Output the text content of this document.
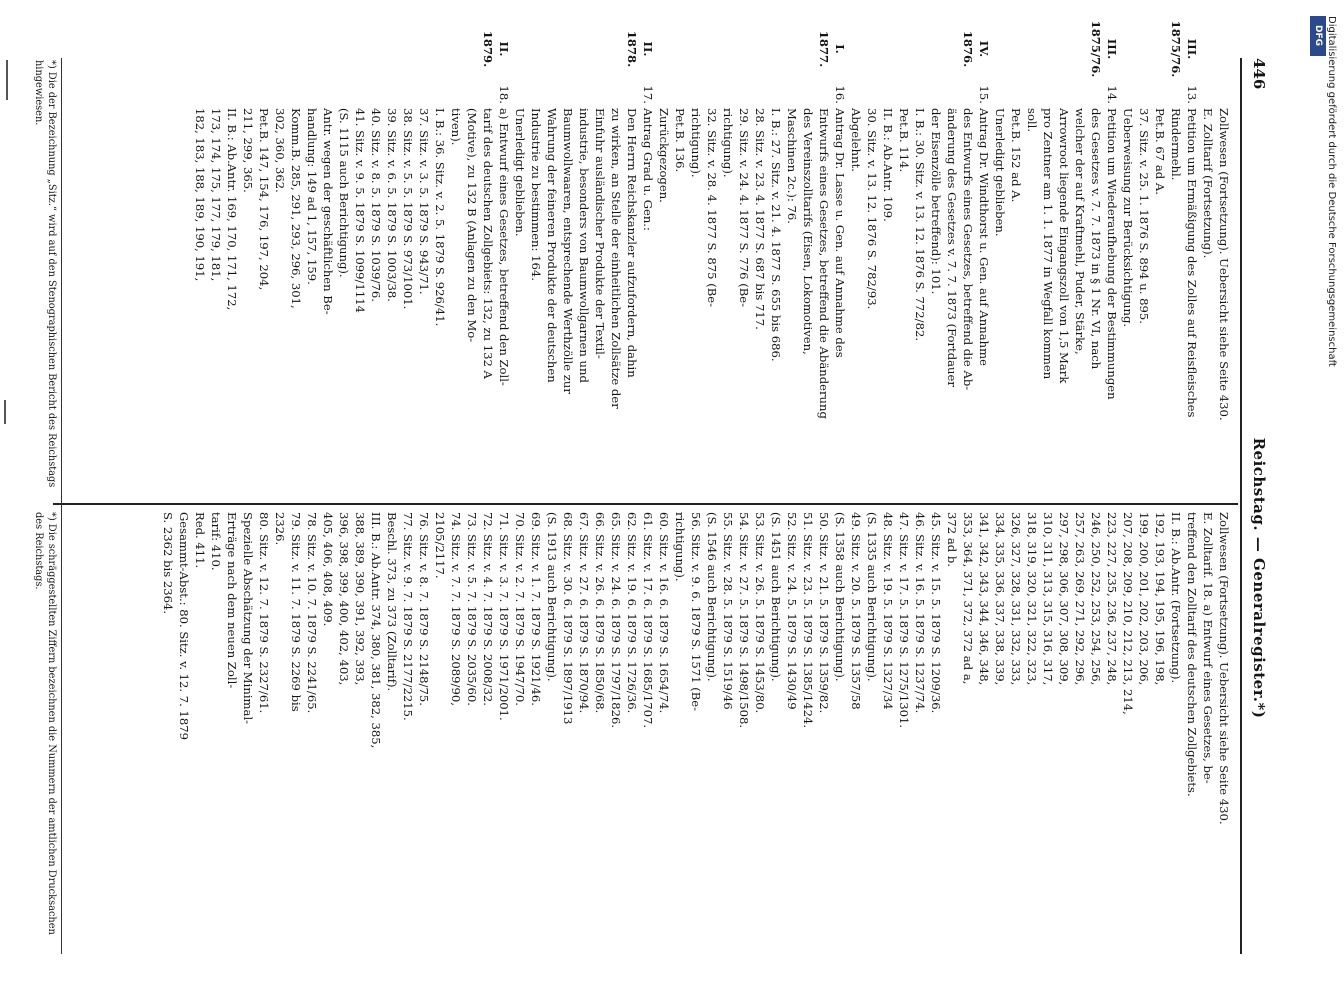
446
Reichstag. — Generalregister.*)
Zollwesen (Fortsetzung). Uebersicht siehe Seite 430.
E. Zolltarif (Fortsetzung).
III.
13.
Petition um Ermäßigung des Zolles auf Reisfleisches
1875/76.
Rindermehl.
Pet.B. 67 ad A.
37. Sitz. v. 25. 1. 1876 S. 894 u. 895.
Ueberweisung zur Berücksichtigung.
III.
14.
Petition um Wiederaufhebung der Bestimmungen
1875/76.
des Gesetzes v. 7. 7. 1873 in § 1 Nr. VI, nach
welcher der auf Kraftmehl, Puder, Stärke,
Arrowroot liegende Eingangszoll von 1,5 Mark
pro Zentner am 1. 1. 1877 in Wegfall kommen
soll.
Pet.B. 152 ad A.
Unerledigt geblieben.
IV.
15.
Antrag Dr. Windthorst u. Gen. auf Annahme
1876.
des Entwurfs eines Gesetzes, betreffend die Ab-
änderung des Gesetzes v. 7. 7. 1873 (Fortdauer
der Eisenzölle betreffend): 101.
I. B.: 30. Sitz. v. 13. 12. 1876 S. 772/82.
Pet.B. 114.
II. B.: Ab.Antr. 109.
30. Sitz. v. 13. 12. 1876 S. 782/93.
Abgelehnt.
I.
16.
Antrag Dr. Lasse u. Gen. auf Annahme des
1877.
Entwurfs eines Gesetzes, betreffend die Abänderung
des Vereinszolltarifs (Eisen, Lokomotiven,
Maschinen 2c.): 76.
I. B.: 27. Sitz. v. 21. 4. 1877 S. 655 bis 686.
28. Sitz. v. 23. 4. 1877 S. 687 bis 717.
29. Sitz. v. 24. 4. 1877 S. 776 (Be-
richtigung).
32. Sitz. v. 28. 4. 1877 S. 875 (Be-
richtigung).
Pet.B. 136.
Zurückgezogen.
II.
17.
Antrag Grad u. Gen.:
1878.
Den Herrn Reichskanzler aufzufordern, dahin
zu wirken, an Stelle der einheitlichen Zollsätze der
Einfuhr ausländischer Produkte der Textil-
industrie, besonders von Baumwollgarnen und
Baumwollwaaren, entsprechende Werthzölle zur
Wahrung der feineren Produkte der deutschen
Industrie zu bestimmen: 164.
Unerledigt geblieben.
II.
18.
a) Entwurf eines Gesetzes, betreffend den Zoll-
1879.
tarif des deutschen Zollgebiets: 132, zu 132 A
(Motive), zu 132 B (Anlagen zu den Mo-
tiven).
I. B.: 36. Sitz. v. 2. 5. 1879 S. 926/41.
37. Sitz. v. 3. 5. 1879 S. 943/71.
38. Sitz. v. 5. 5. 1879 S. 973/1001.
39. Sitz. v. 6. 5. 1879 S. 1003/38.
40. Sitz. v. 8. 5. 1879 S. 1039/76.
41. Sitz. v. 9. 5. 1879 S. 1099/1114
(S. 1115 auch Berichtigung).
Antr. wegen der geschäftlichen Be-
handlung: 149 ad 1, 157, 159.
Komm.B. 285, 291, 293, 296, 301,
302, 360, 362.
Pet.B. 147, 154, 176, 197, 204,
211, 299, 365.
II. B.: Ab.Antr. 169, 170, 171, 172,
173, 174, 175, 177, 179, 181,
182, 183, 188, 189, 190, 191,
Zollwesen (Fortsetzung). Uebersicht siehe Seite 430.
E. Zolltarif. 18. a) Entwurf eines Gesetzes, be-
treffend den Zolltarif des deutschen Zollgebiets.
II. B.: Ab.Antr. (Fortsetzung).
192, 193, 194, 195, 196, 198,
199, 200, 201, 202, 203, 206,
207, 208, 209, 210, 212, 213, 214,
223, 227, 235, 236, 237, 248,
246, 250, 252, 253, 254, 256,
257, 263, 269, 271, 292, 296,
297, 298, 306, 307, 308, 309,
310, 311, 313, 315, 316, 317,
318, 319, 320, 321, 322, 323,
326, 327, 328, 331, 332, 333,
334, 335, 336, 337, 338, 339,
341, 342, 343, 344, 346, 348,
353, 364, 371, 372, 372 ad a,
372 ad b.
45. Sitz. v. 15. 5. 1879 S. 1209/36.
46. Sitz. v. 16. 5. 1879 S. 1237/74.
47. Sitz. v. 17. 5. 1879 S. 1275/1301.
48. Sitz. v. 19. 5. 1879 S. 1327/34
(S. 1335 auch Berichtigung).
49. Sitz. v. 20. 5. 1879 S. 1357/58
(S. 1358 auch Berichtigung).
50. Sitz. v. 21. 5. 1879 S. 1359/82.
51. Sitz. v. 23. 5. 1879 S. 1385/1424.
52. Sitz. v. 24. 5. 1879 S. 1430/49
(S. 1451 auch Berichtigung).
53. Sitz. v. 26. 5. 1879 S. 1453/80.
54. Sitz. v. 27. 5. 1879 S. 1498/1508.
55. Sitz. v. 28. 5. 1879 S. 1519/46
(S. 1546 auch Berichtigung).
56. Sitz. v. 9. 6. 1879 S. 1571 (Be-
richtigung).
60. Sitz. v. 16. 6. 1879 S. 1654/74.
61. Sitz. v. 17. 6. 1879 S. 1685/1707.
62. Sitz. v. 19. 6. 1879 S. 1726/36.
65. Sitz. v. 24. 6. 1879 S. 1797/1826.
66. Sitz. v. 26. 6. 1879 S. 1850/68.
67. Sitz. v. 27. 6. 1879 S. 1870/94.
68. Sitz. v. 30. 6. 1879 S. 1897/1913
(S. 1913 auch Berichtigung).
69. Sitz. v. 1. 7. 1879 S. 1921/46.
70. Sitz. v. 2. 7. 1879 S. 1947/70.
71. Sitz. v. 3. 7. 1879 S. 1971/2001.
72. Sitz. v. 4. 7. 1879 S. 2008/32.
73. Sitz. v. 5. 7. 1879 S. 2035/60.
74. Sitz. v. 7. 7. 1879 S. 2089/90,
2105/2117.
76. Sitz. v. 8. 7. 1879 S. 2148/75.
77. Sitz. v. 9. 7. 1879 S. 2177/2215.
Beschl. 373, zu 373 (Zolltarif).
III. B.: Ab.Antr. 374, 380, 381, 382, 385,
388, 389, 390, 391, 392, 393,
396, 398, 399, 400, 402, 403,
405, 406, 408, 409.
78. Sitz. v. 10. 7. 1879 S. 2241/65.
79. Sitz. v. 11. 7. 1879 S. 2269 bis
2326.
80. Sitz. v. 12. 7. 1879 S. 2327/61.
Spezielle Abschätzung der Minimal-
Erträge nach dem neuen Zoll-
tarif: 410.
Red. 411.
Gesammt-Abst.: 80. Sitz. v. 12. 7. 1879
S. 2362 bis 2364.
*) Die der Bezeichnung „Sitz.“ wird auf den Stenographischen Bericht des Reichstags hingewiesen.
*) Die schräggestellten Ziffern bezeichnen die Nummern der amtlichen Drucksachen des Reichstags.
DFG Digitalisierung gefördert durch die Deutsche Forschungsgemeinschaft
